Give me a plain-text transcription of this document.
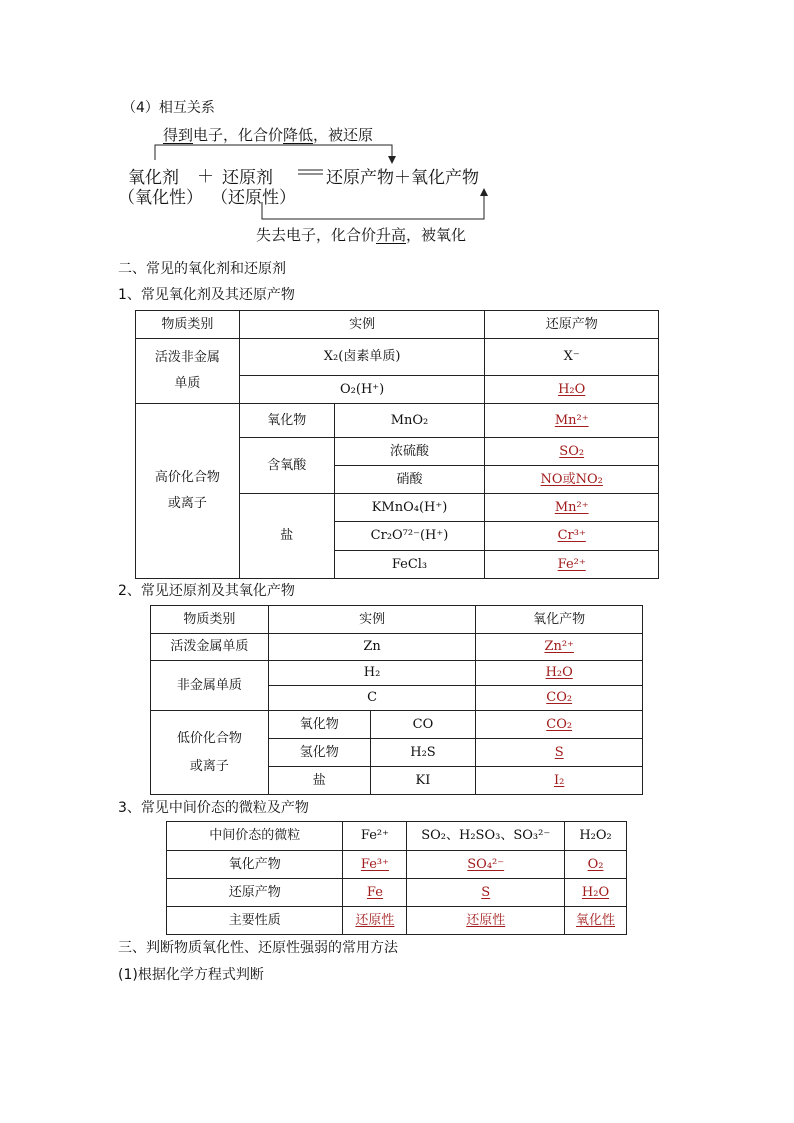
（4）相互关系
得到电子，化合价降低，被还原
氧化剂 ＋ 还原剂	还原产物＋氧化产物
（氧化性） （还原性）
失去电子，化合价升高，被氧化
二、常见的氧化剂和还原剂
1、常见氧化剂及其还原产物
物质类别	实例		还原产物
活泼非金属单质	X₂(卤素单质)		X⁻
	O₂(H⁺)		H₂O
高价化合物或离子	氧化物	MnO₂	Mn²⁺
	含氧酸	浓硫酸	SO₂
		硝酸	NO或NO₂
	盐	KMnO₄(H⁺)	Mn²⁺
		Cr₂O⁷²⁻(H⁺)	Cr³⁺
		FeCl₃	Fe²⁺
2、常见还原剂及其氧化产物
物质类别	实例		氧化产物
活泼金属单质	Zn		Zn²⁺
非金属单质	H₂		H₂O
	C		CO₂
低价化合物或离子	氧化物	CO	CO₂
	氢化物	H₂S	S
	盐	KI	I₂
3、常见中间价态的微粒及产物
中间价态的微粒	Fe²⁺	SO₂、H₂SO₃、SO₃²⁻	H₂O₂
氧化产物	Fe³⁺	SO₄²⁻	O₂
还原产物	Fe	S	H₂O
主要性质	还原性	还原性	氧化性
三、判断物质氧化性、还原性强弱的常用方法
(1)根据化学方程式判断
